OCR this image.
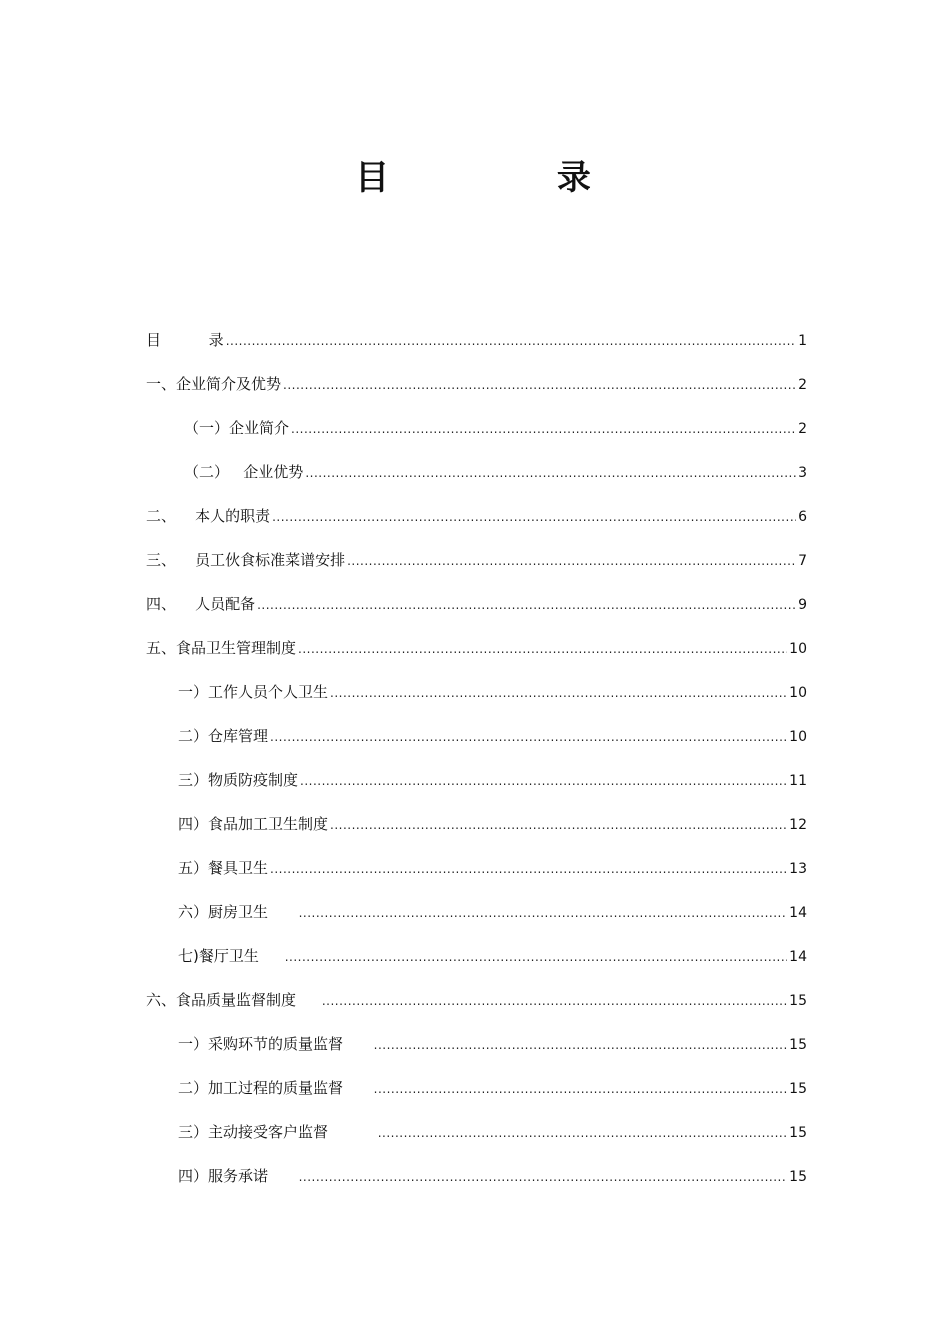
目 录
目          录 .....	1
一、企业简介及优势 .....	2
（一）企业简介 .....	2
（二）   企业优势 .....	3
二、    本人的职责 .....	6
三、    员工伙食标准菜谱安排 .....	7
四、    人员配备 .....	9
五、食品卫生管理制度 .....	10
一）工作人员个人卫生 .....	10
二）仓库管理 .....	10
三）物质防疫制度 .....	11
四）食品加工卫生制度 .....	12
五）餐具卫生 .....	13
六）厨房卫生 .....	14
七)餐厅卫生 .....	14
六、食品质量监督制度 .....	15
一）采购环节的质量监督 .....	15
二）加工过程的质量监督 .....	15
三）主动接受客户监督 .....	15
四）服务承诺 .....	15
